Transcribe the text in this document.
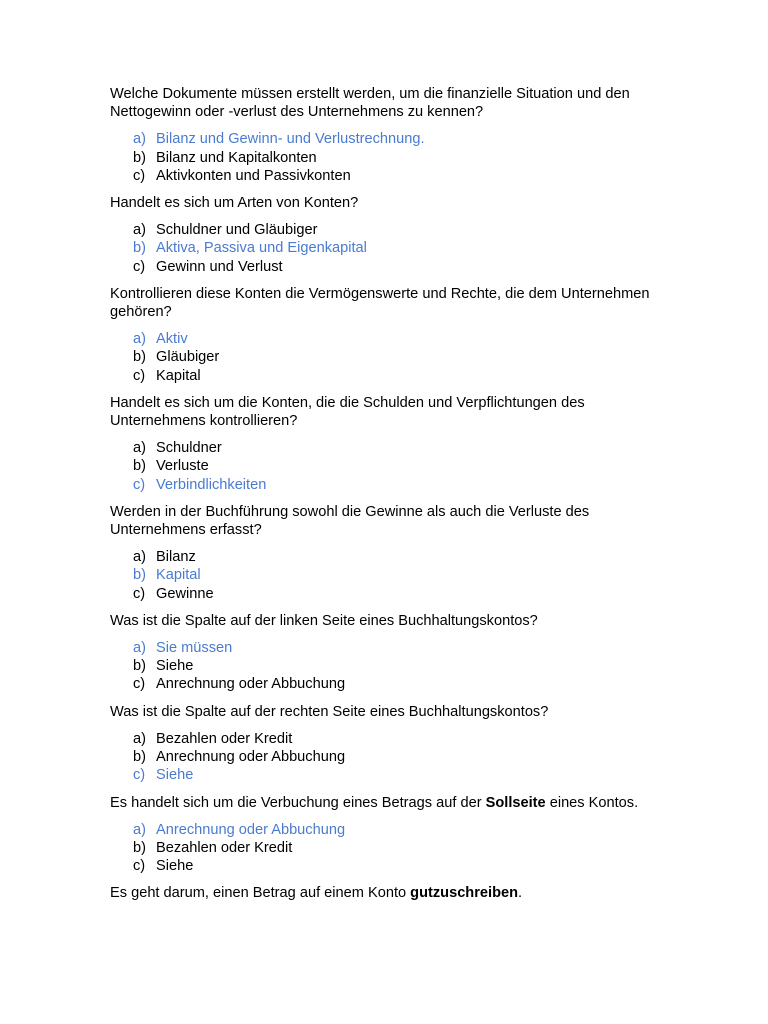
Welche Dokumente müssen erstellt werden, um die finanzielle Situation und den Nettogewinn oder -verlust des Unternehmens zu kennen?

a) Bilanz und Gewinn- und Verlustrechnung.
b) Bilanz und Kapitalkonten
c) Aktivkonten und Passivkonten

Handelt es sich um Arten von Konten?

a) Schuldner und Gläubiger
b) Aktiva, Passiva und Eigenkapital
c) Gewinn und Verlust

Kontrollieren diese Konten die Vermögenswerte und Rechte, die dem Unternehmen gehören?

a) Aktiv
b) Gläubiger
c) Kapital

Handelt es sich um die Konten, die die Schulden und Verpflichtungen des Unternehmens kontrollieren?

a) Schuldner
b) Verluste
c) Verbindlichkeiten

Werden in der Buchführung sowohl die Gewinne als auch die Verluste des Unternehmens erfasst?

a) Bilanz
b) Kapital
c) Gewinne

Was ist die Spalte auf der linken Seite eines Buchhaltungskontos?

a) Sie müssen
b) Siehe
c) Anrechnung oder Abbuchung

Was ist die Spalte auf der rechten Seite eines Buchhaltungskontos?

a) Bezahlen oder Kredit
b) Anrechnung oder Abbuchung
c) Siehe

Es handelt sich um die Verbuchung eines Betrags auf der Sollseite eines Kontos.

a) Anrechnung oder Abbuchung
b) Bezahlen oder Kredit
c) Siehe

Es geht darum, einen Betrag auf einem Konto gutzuschreiben.
